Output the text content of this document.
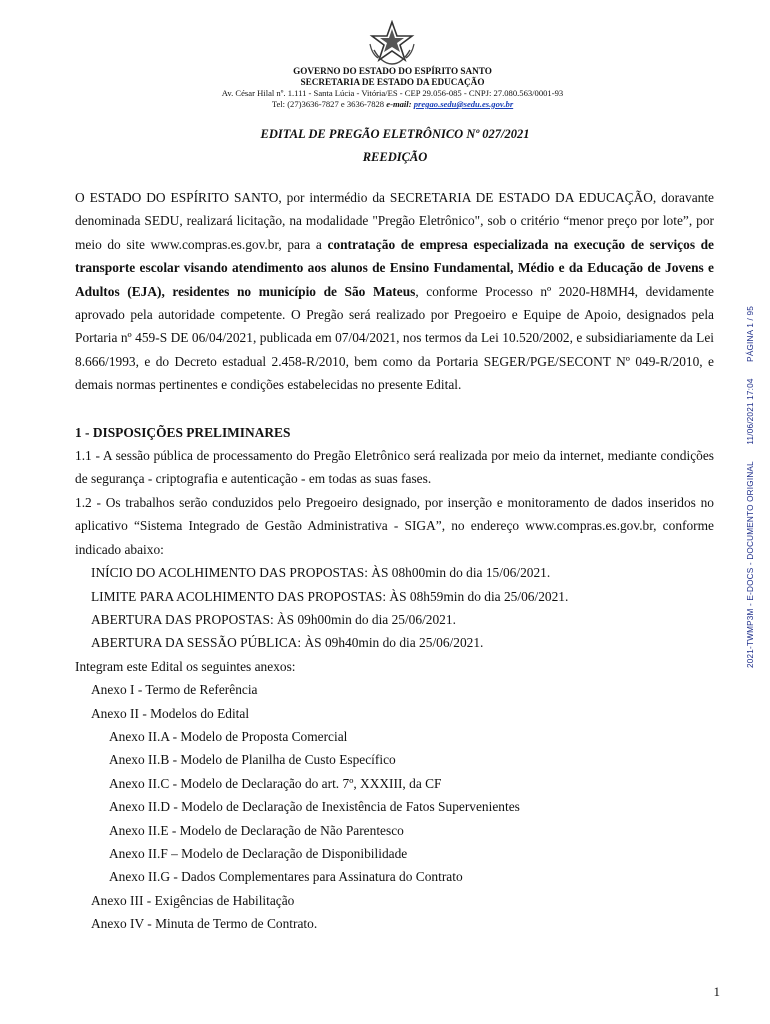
GOVERNO DO ESTADO DO ESPÍRITO SANTO
SECRETARIA DE ESTADO DA EDUCAÇÃO
Av. César Hilal nº. 1.111 - Santa Lúcia - Vitória/ES - CEP 29.056-085 - CNPJ: 27.080.563/0001-93
Tel: (27)3636-7827 e 3636-7828 e-mail: pregao.sedu@sedu.es.gov.br
EDITAL DE PREGÃO ELETRÔNICO Nº 027/2021
REEDIÇÃO

O ESTADO DO ESPÍRITO SANTO, por intermédio da SECRETARIA DE ESTADO DA EDUCAÇÃO, doravante denominada SEDU, realizará licitação, na modalidade "Pregão Eletrônico", sob o critério “menor preço por lote”, por meio do site www.compras.es.gov.br, para a contratação de empresa especializada na execução de serviços de transporte escolar visando atendimento aos alunos de Ensino Fundamental, Médio e da Educação de Jovens e Adultos (EJA), residentes no município de São Mateus, conforme Processo nº 2020-H8MH4, devidamente aprovado pela autoridade competente. O Pregão será realizado por Pregoeiro e Equipe de Apoio, designados pela Portaria nº 459-S DE 06/04/2021, publicada em 07/04/2021, nos termos da Lei 10.520/2002, e subsidiariamente da Lei 8.666/1993, e do Decreto estadual 2.458-R/2010, bem como da Portaria SEGER/PGE/SECONT Nº 049-R/2010, e demais normas pertinentes e condições estabelecidas no presente Edital.

1 - DISPOSIÇÕES PRELIMINARES

1.1 - A sessão pública de processamento do Pregão Eletrônico será realizada por meio da internet, mediante condições de segurança - criptografia e autenticação - em todas as suas fases.

1.2 - Os trabalhos serão conduzidos pelo Pregoeiro designado, por inserção e monitoramento de dados inseridos no aplicativo “Sistema Integrado de Gestão Administrativa - SIGA”, no endereço www.compras.es.gov.br, conforme indicado abaixo:

INÍCIO DO ACOLHIMENTO DAS PROPOSTAS: ÀS 08h00min do dia 15/06/2021.

LIMITE PARA ACOLHIMENTO DAS PROPOSTAS: ÀS 08h59min do dia 25/06/2021.

ABERTURA DAS PROPOSTAS: ÀS 09h00min do dia 25/06/2021.

ABERTURA DA SESSÃO PÚBLICA: ÀS 09h40min do dia 25/06/2021.

Integram este Edital os seguintes anexos:

Anexo I - Termo de Referência

Anexo II - Modelos do Edital

Anexo II.A - Modelo de Proposta Comercial

Anexo II.B - Modelo de Planilha de Custo Específico

Anexo II.C - Modelo de Declaração do art. 7º, XXXIII, da CF

Anexo II.D - Modelo de Declaração de Inexistência de Fatos Supervenientes

Anexo II.E - Modelo de Declaração de Não Parentesco

Anexo II.F – Modelo de Declaração de Disponibilidade

Anexo II.G - Dados Complementares para Assinatura do Contrato

Anexo III - Exigências de Habilitação

Anexo IV - Minuta de Termo de Contrato.

2021-TWMP3M - E-DOCS - DOCUMENTO ORIGINAL 11/06/2021 17:04 PÁGINA 1 / 95
1
